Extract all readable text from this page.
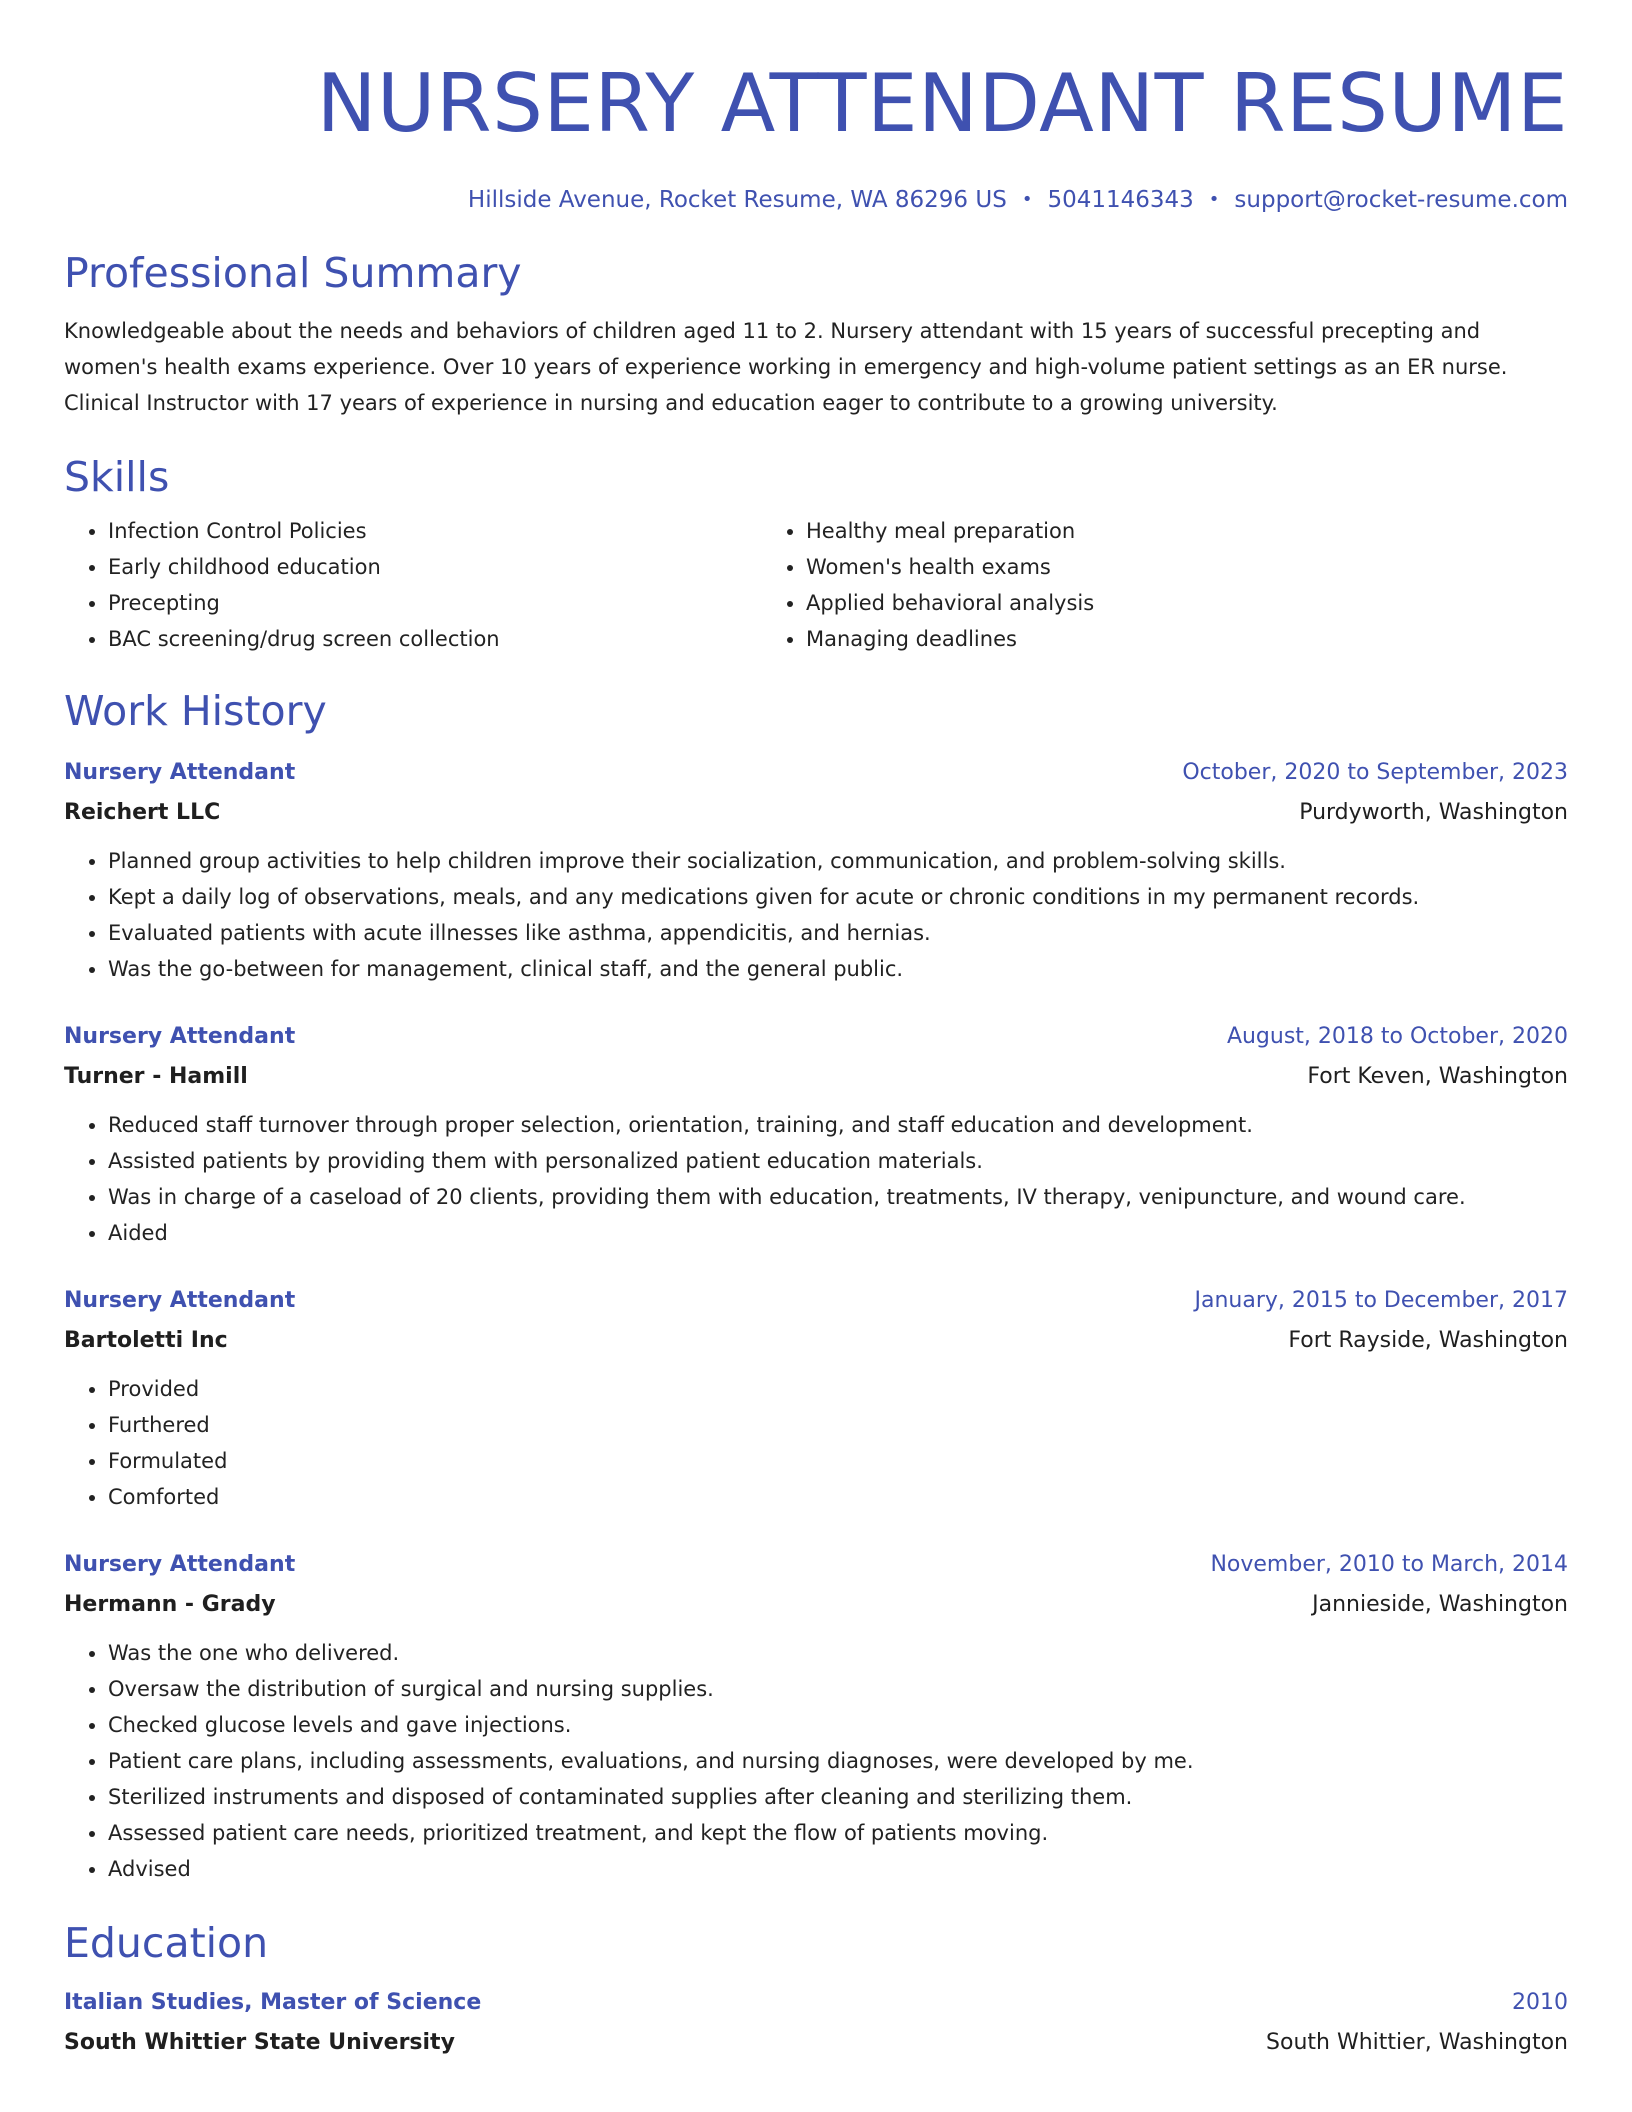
NURSERY ATTENDANT RESUME
Hillside Avenue, Rocket Resume, WA 86296 US • 5041146343 • support@rocket-resume.com
Professional Summary

Knowledgeable about the needs and behaviors of children aged 11 to 2. Nursery attendant with 15 years of successful precepting and women's health exams experience. Over 10 years of experience working in emergency and high-volume patient settings as an ER nurse. Clinical Instructor with 17 years of experience in nursing and education eager to contribute to a growing university.

Skills
• Infection Control Policies
• Early childhood education
• Precepting
• BAC screening/drug screen collection
• Healthy meal preparation
• Women's health exams
• Applied behavioral analysis
• Managing deadlines
Work History
Nursery Attendant	October, 2020 to September, 2023
Reichert LLC	Purdyworth, Washington
• Planned group activities to help children improve their socialization, communication, and problem-solving skills.
• Kept a daily log of observations, meals, and any medications given for acute or chronic conditions in my permanent records.
• Evaluated patients with acute illnesses like asthma, appendicitis, and hernias.
• Was the go-between for management, clinical staff, and the general public.
Nursery Attendant	August, 2018 to October, 2020
Turner - Hamill	Fort Keven, Washington
• Reduced staff turnover through proper selection, orientation, training, and staff education and development.
• Assisted patients by providing them with personalized patient education materials.
• Was in charge of a caseload of 20 clients, providing them with education, treatments, IV therapy, venipuncture, and wound care.
• Aided
Nursery Attendant	January, 2015 to December, 2017
Bartoletti Inc	Fort Rayside, Washington
• Provided
• Furthered
• Formulated
• Comforted
Nursery Attendant	November, 2010 to March, 2014
Hermann - Grady	Jannieside, Washington
• Was the one who delivered.
• Oversaw the distribution of surgical and nursing supplies.
• Checked glucose levels and gave injections.
• Patient care plans, including assessments, evaluations, and nursing diagnoses, were developed by me.
• Sterilized instruments and disposed of contaminated supplies after cleaning and sterilizing them.
• Assessed patient care needs, prioritized treatment, and kept the flow of patients moving.
• Advised
Education
Italian Studies, Master of Science	2010
South Whittier State University	South Whittier, Washington
